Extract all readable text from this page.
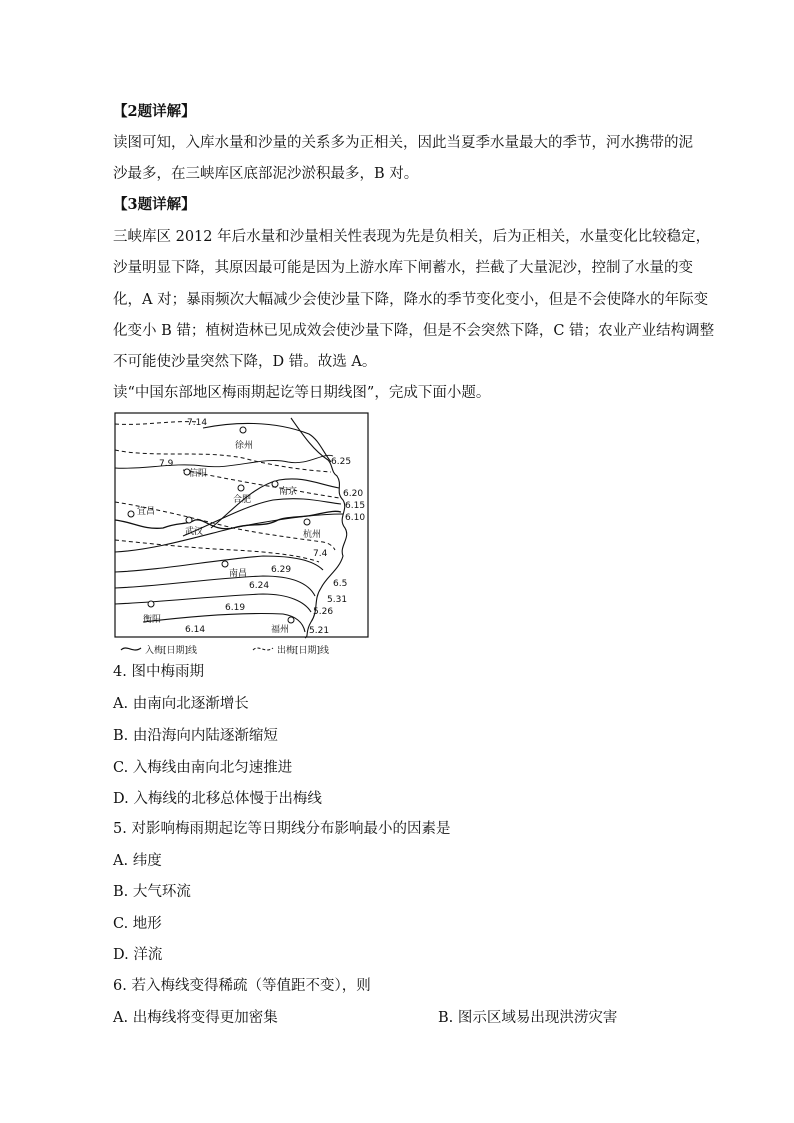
【2题详解】
读图可知，入库水量和沙量的关系多为正相关，因此当夏季水量最大的季节，河水携带的泥
沙最多，在三峡库区底部泥沙淤积最多，B 对。
【3题详解】
三峡库区 2012 年后水量和沙量相关性表现为先是负相关，后为正相关，水量变化比较稳定，
沙量明显下降，其原因最可能是因为上游水库下闸蓄水，拦截了大量泥沙，控制了水量的变
化，A 对；暴雨频次大幅减少会使沙量下降，降水的季节变化变小，但是不会使降水的年际变
化变小 B 错；植树造林已见成效会使沙量下降，但是不会突然下降，C 错；农业产业结构调整
不可能使沙量突然下降，D 错。故选 A。
读“中国东部地区梅雨期起讫等日期线图”，完成下面小题。
徐州
信阳
合肥
南京
宜昌
武汉	杭州
南昌
衡阳
福州
7.14
7.9	6.25
6.20
6.15
6.10
7.4
6.29
6.24	6.5
5.31
6.19	5.26
6.14	5.21
入梅[日期]线	出梅[日期]线
4. 图中梅雨期
A. 由南向北逐渐增长
B. 由沿海向内陆逐渐缩短
C. 入梅线由南向北匀速推进
D. 入梅线的北移总体慢于出梅线
5. 对影响梅雨期起讫等日期线分布影响最小的因素是
A. 纬度
B. 大气环流
C. 地形
D. 洋流
6. 若入梅线变得稀疏（等值距不变），则
A. 出梅线将变得更加密集	B. 图示区域易出现洪涝灾害
